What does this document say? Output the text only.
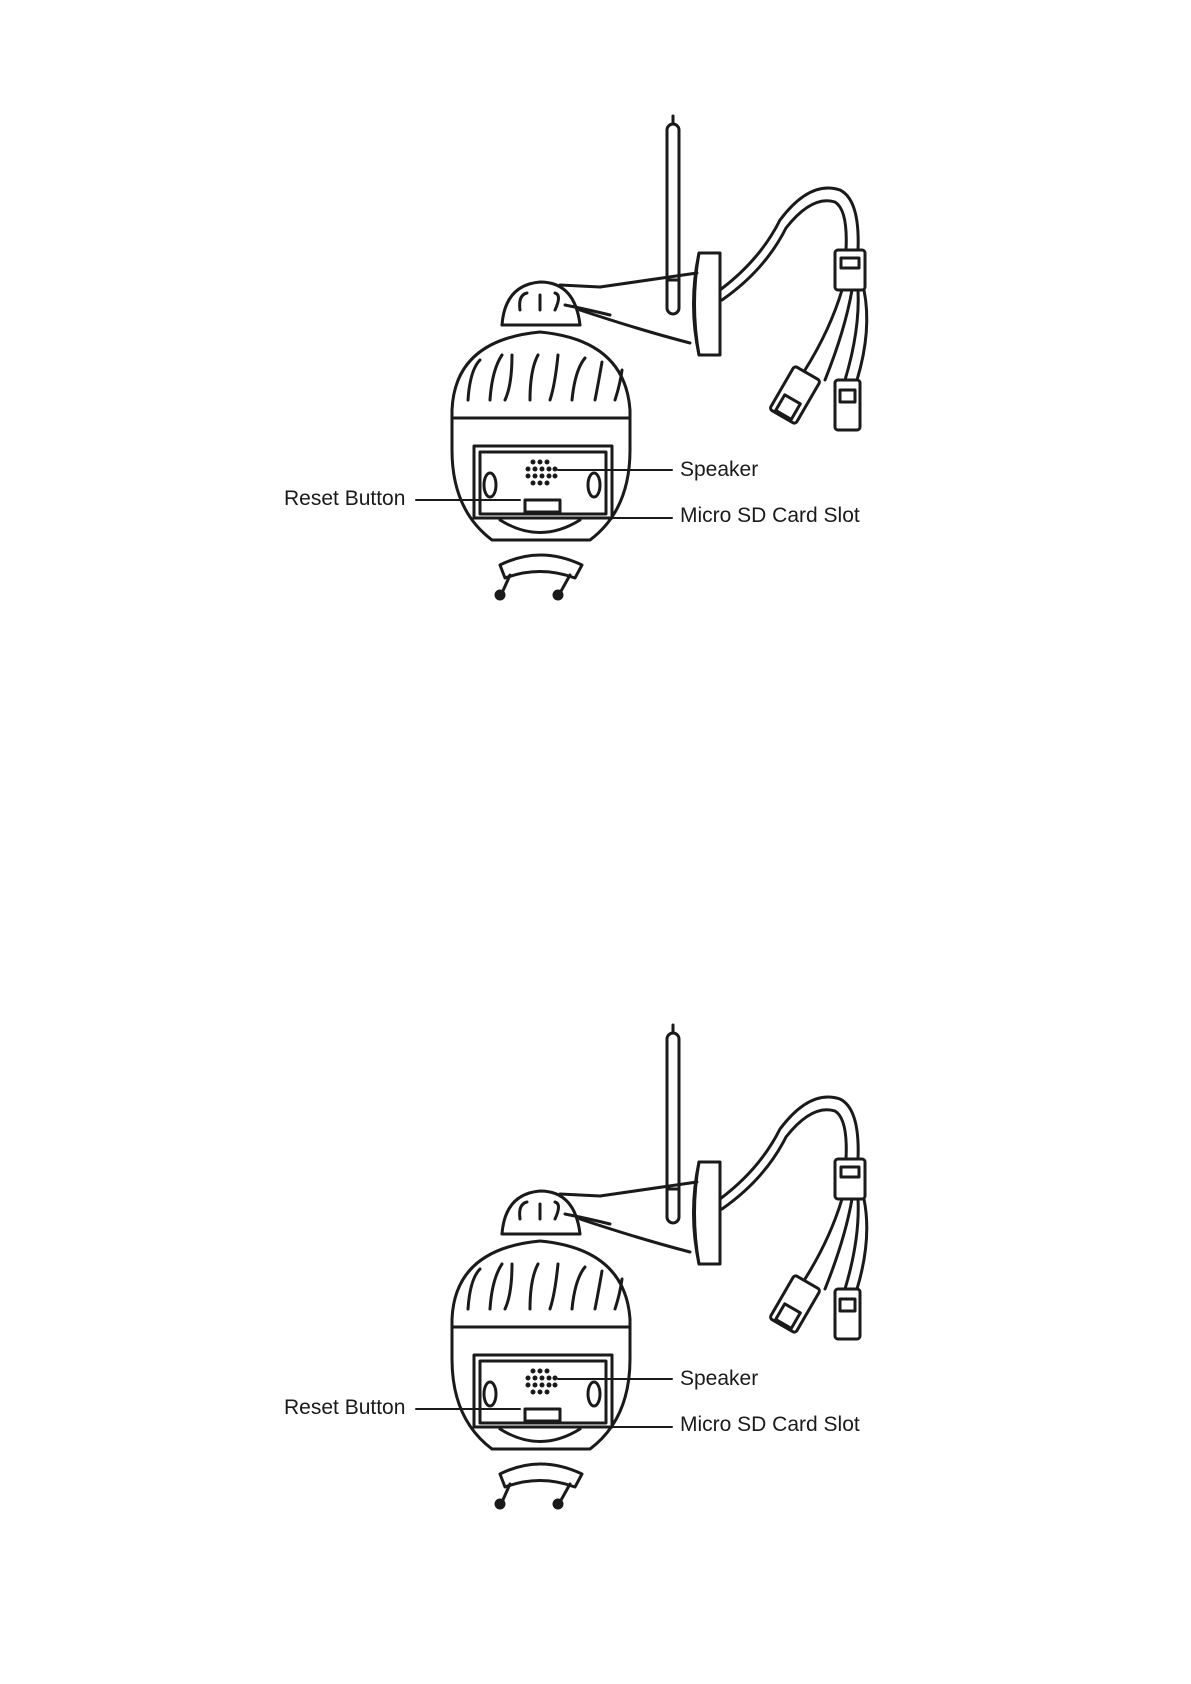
Speaker
Reset Button
Micro SD Card Slot
Speaker
Reset Button
Micro SD Card Slot
